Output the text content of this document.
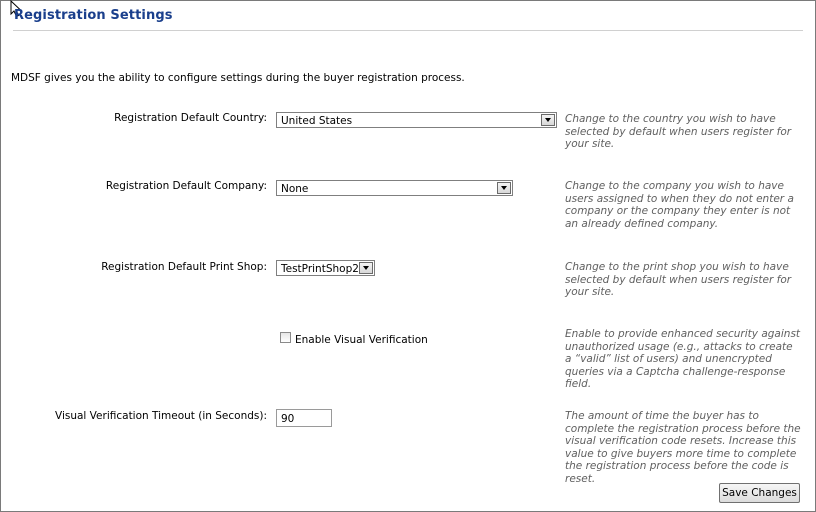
Registration Settings
MDSF gives you the ability to configure settings during the buyer registration process.
Registration Default Country: United States	Change to the country you wish to have selected by default when users register for your site.
Registration Default Company: None	Change to the company you wish to have users assigned to when they do not enter a company or the company they enter is not an already defined company.
Registration Default Print Shop: TestPrintShop2	Change to the print shop you wish to have selected by default when users register for your site.
Enable Visual Verification	Enable to provide enhanced security against unauthorized usage (e.g., attacks to create a “valid” list of users) and unencrypted queries via a Captcha challenge-response field.
Visual Verification Timeout (in Seconds): 90	The amount of time the buyer has to complete the registration process before the visual verification code resets. Increase this value to give buyers more time to complete the registration process before the code is reset.
Save Changes
